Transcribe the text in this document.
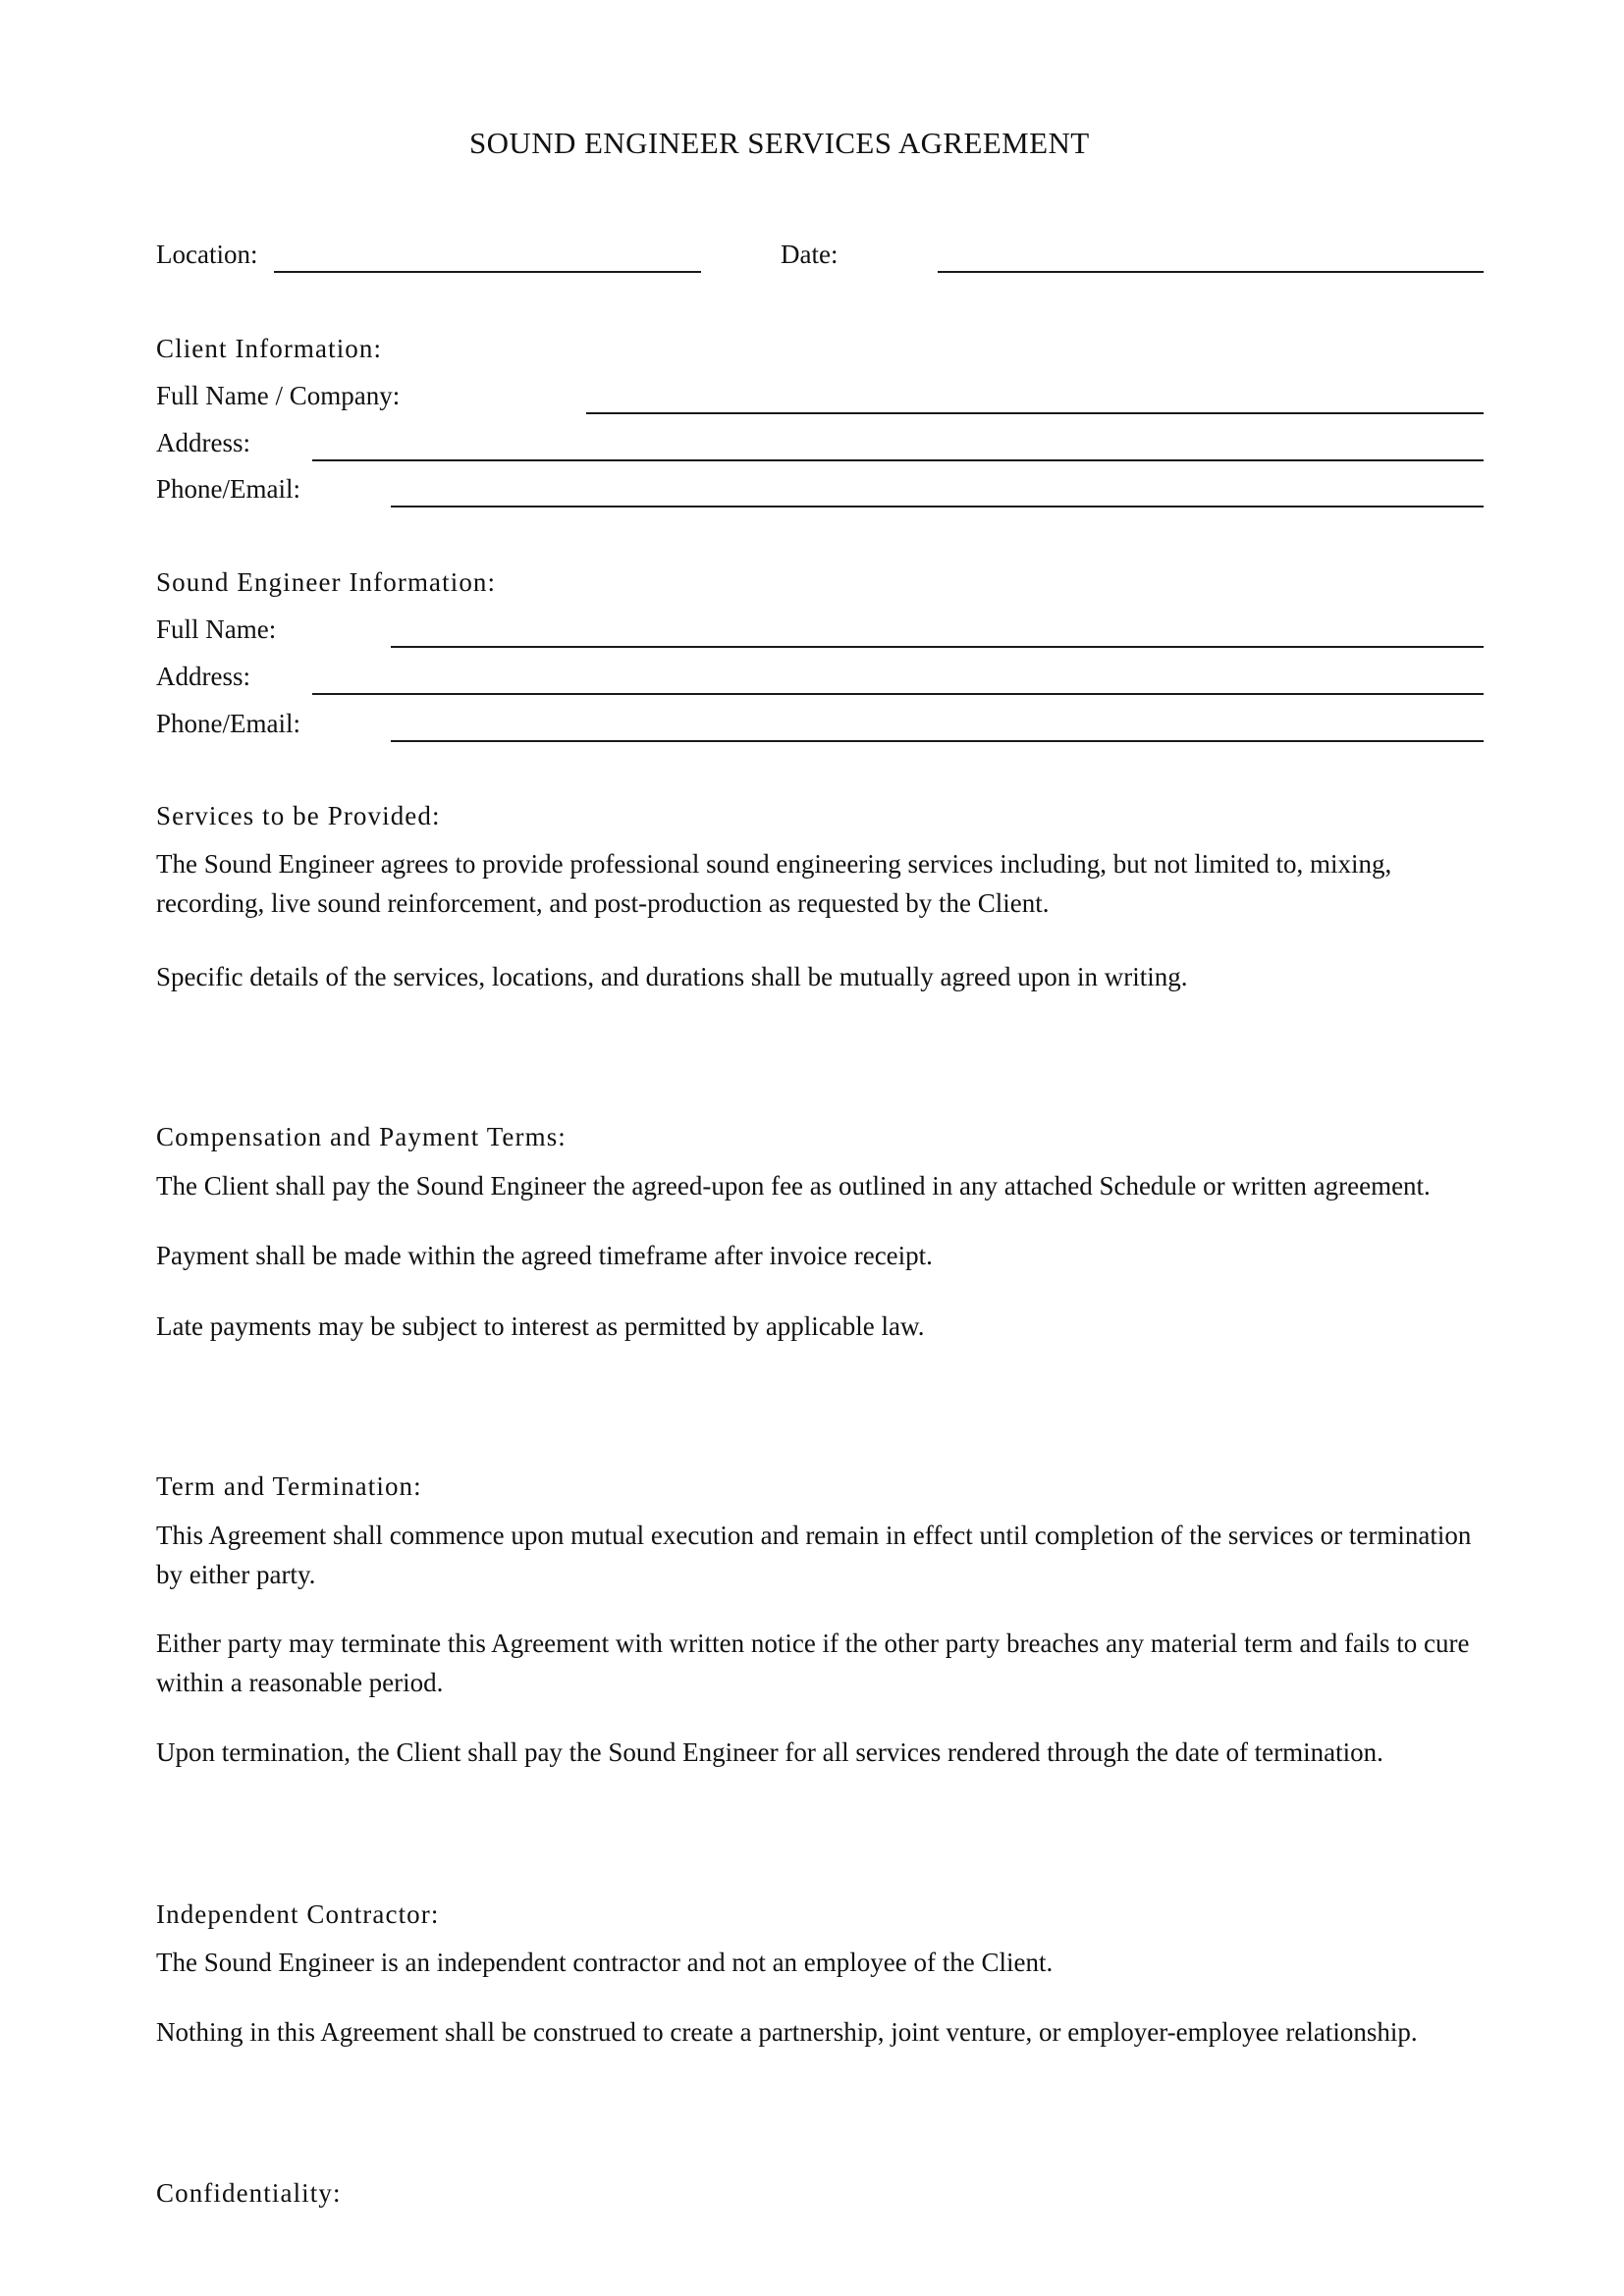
SOUND ENGINEER SERVICES AGREEMENT
Location:	Date:
Client Information:
Full Name / Company:
Address:
Phone/Email:
Sound Engineer Information:
Full Name:
Address:
Phone/Email:
Services to be Provided:
The Sound Engineer agrees to provide professional sound engineering services including, but not limited to, mixing, recording, live sound reinforcement, and post-production as requested by the Client.
Specific details of the services, locations, and durations shall be mutually agreed upon in writing.
Compensation and Payment Terms:
The Client shall pay the Sound Engineer the agreed-upon fee as outlined in any attached Schedule or written agreement.
Payment shall be made within the agreed timeframe after invoice receipt.
Late payments may be subject to interest as permitted by applicable law.
Term and Termination:
This Agreement shall commence upon mutual execution and remain in effect until completion of the services or termination by either party.
Either party may terminate this Agreement with written notice if the other party breaches any material term and fails to cure within a reasonable period.
Upon termination, the Client shall pay the Sound Engineer for all services rendered through the date of termination.
Independent Contractor:
The Sound Engineer is an independent contractor and not an employee of the Client.
Nothing in this Agreement shall be construed to create a partnership, joint venture, or employer-employee relationship.
Confidentiality:
